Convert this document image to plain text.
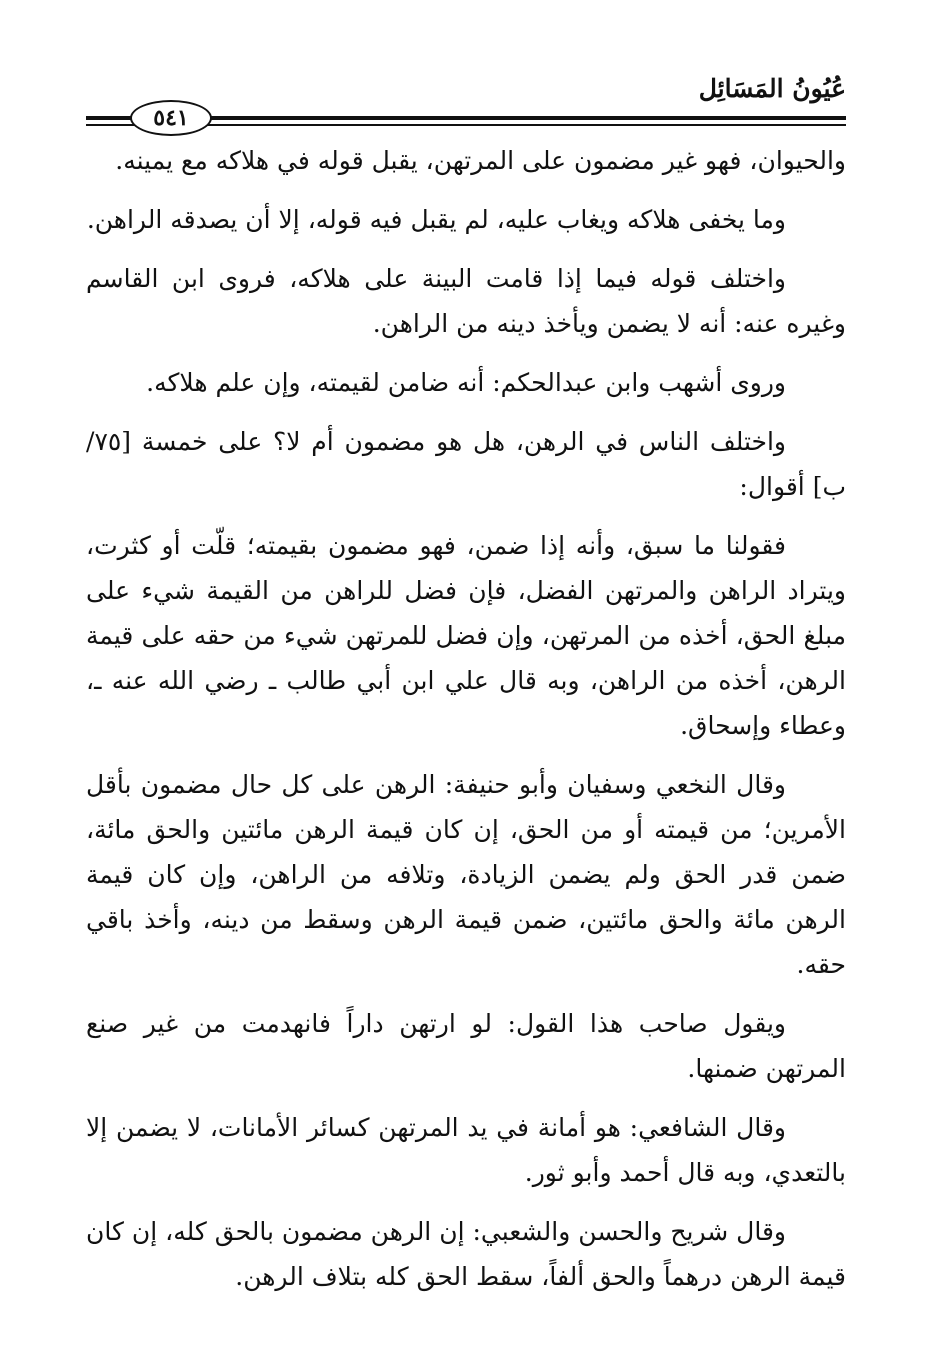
عُيُونُ المَسَائِل
٥٤١

والحيوان، فهو غير مضمون على المرتهن، يقبل قوله في هلاكه مع يمينه.

وما يخفى هلاكه ويغاب عليه، لم يقبل فيه قوله، إلا أن يصدقه الراهن.

واختلف قوله فيما إذا قامت البينة على هلاكه، فروى ابن القاسم وغيره عنه: أنه لا يضمن ويأخذ دينه من الراهن.

وروى أشهب وابن عبدالحكم: أنه ضامن لقيمته، وإن علم هلاكه.

واختلف الناس في الرهن، هل هو مضمون أم لا؟ على خمسة [٧٥/ب] أقوال:

فقولنا ما سبق، وأنه إذا ضمن، فهو مضمون بقيمته؛ قلّت أو كثرت، ويتراد الراهن والمرتهن الفضل، فإن فضل للراهن من القيمة شيء على مبلغ الحق، أخذه من المرتهن، وإن فضل للمرتهن شيء من حقه على قيمة الرهن، أخذه من الراهن، وبه قال علي ابن أبي طالب ـ رضي الله عنه ـ، وعطاء وإسحاق.

وقال النخعي وسفيان وأبو حنيفة: الرهن على كل حال مضمون بأقل الأمرين؛ من قيمته أو من الحق، إن كان قيمة الرهن مائتين والحق مائة، ضمن قدر الحق ولم يضمن الزيادة، وتلافه من الراهن، وإن كان قيمة الرهن مائة والحق مائتين، ضمن قيمة الرهن وسقط من دينه، وأخذ باقي حقه.

ويقول صاحب هذا القول: لو ارتهن داراً فانهدمت من غير صنع المرتهن ضمنها.

وقال الشافعي: هو أمانة في يد المرتهن كسائر الأمانات، لا يضمن إلا بالتعدي، وبه قال أحمد وأبو ثور.

وقال شريح والحسن والشعبي: إن الرهن مضمون بالحق كله، إن كان قيمة الرهن درهماً والحق ألفاً، سقط الحق كله بتلاف الرهن.
